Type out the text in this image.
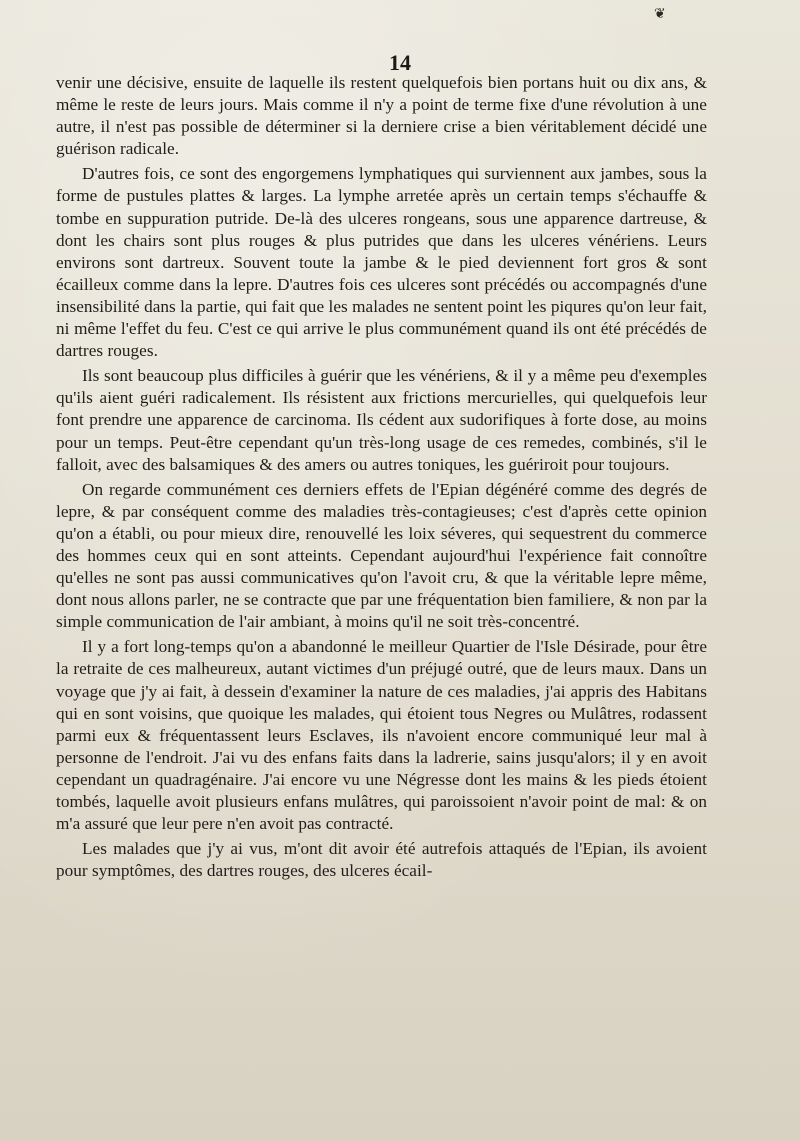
❦
14

venir une décisive, ensuite de laquelle ils restent quelquefois bien portans huit ou dix ans, & même le reste de leurs jours. Mais comme il n'y a point de terme fixe d'une révolution à une autre, il n'est pas possible de déterminer si la derniere crise a bien véritablement décidé une guérison radicale.

D'autres fois, ce sont des engorgemens lymphatiques qui surviennent aux jambes, sous la forme de pustules plattes & larges. La lymphe arretée après un certain temps s'échauffe & tombe en suppuration putride. De-là des ulceres rongeans, sous une apparence dartreuse, & dont les chairs sont plus rouges & plus putrides que dans les ulceres vénériens. Leurs environs sont dartreux. Souvent toute la jambe & le pied deviennent fort gros & sont écailleux comme dans la lepre. D'autres fois ces ulceres sont précédés ou accompagnés d'une insensibilité dans la partie, qui fait que les malades ne sentent point les piqures qu'on leur fait, ni même l'effet du feu. C'est ce qui arrive le plus communément quand ils ont été précédés de dartres rouges.

Ils sont beaucoup plus difficiles à guérir que les vénériens, & il y a même peu d'exemples qu'ils aient guéri radicalement. Ils résistent aux frictions mercurielles, qui quelquefois leur font prendre une apparence de carcinoma. Ils cédent aux sudorifiques à forte dose, au moins pour un temps. Peut-être cependant qu'un très-long usage de ces remedes, combinés, s'il le falloit, avec des balsamiques & des amers ou autres toniques, les guériroit pour toujours.

On regarde communément ces derniers effets de l'Epian dégénéré comme des degrés de lepre, & par conséquent comme des maladies très-contagieuses; c'est d'après cette opinion qu'on a établi, ou pour mieux dire, renouvellé les loix séveres, qui sequestrent du commerce des hommes ceux qui en sont atteints. Cependant aujourd'hui l'expérience fait connoître qu'elles ne sont pas aussi communicatives qu'on l'avoit cru, & que la véritable lepre même, dont nous allons parler, ne se contracte que par une fréquentation bien familiere, & non par la simple communication de l'air ambiant, à moins qu'il ne soit très-concentré.

Il y a fort long-temps qu'on a abandonné le meilleur Quartier de l'Isle Désirade, pour être la retraite de ces malheureux, autant victimes d'un préjugé outré, que de leurs maux. Dans un voyage que j'y ai fait, à dessein d'examiner la nature de ces maladies, j'ai appris des Habitans qui en sont voisins, que quoique les malades, qui étoient tous Negres ou Mulâtres, rodassent parmi eux & fréquentassent leurs Esclaves, ils n'avoient encore communiqué leur mal à personne de l'endroit. J'ai vu des enfans faits dans la ladrerie, sains jusqu'alors; il y en avoit cependant un quadragénaire. J'ai encore vu une Négresse dont les mains & les pieds étoient tombés, laquelle avoit plusieurs enfans mulâtres, qui paroissoient n'avoir point de mal: & on m'a assuré que leur pere n'en avoit pas contracté.

Les malades que j'y ai vus, m'ont dit avoir été autrefois attaqués de l'Epian, ils avoient pour symptômes, des dartres rouges, des ulceres écail-
